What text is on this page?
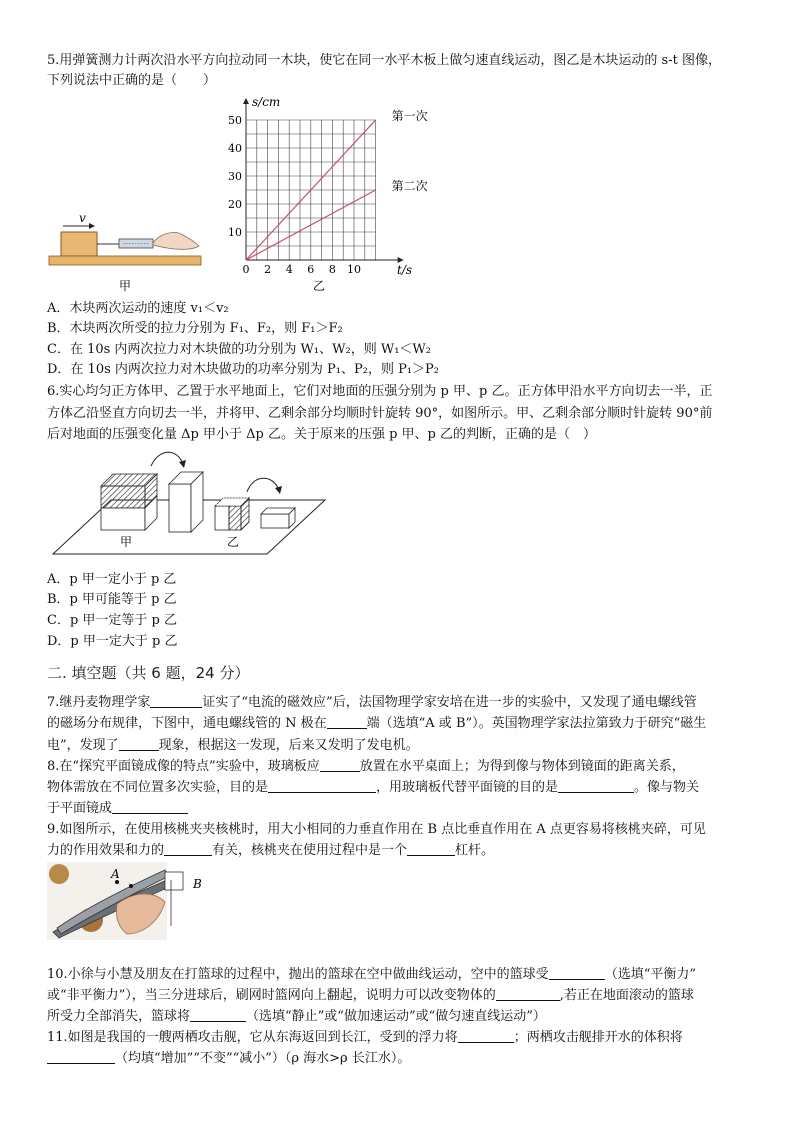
5.用弹簧测力计两次沿水平方向拉动同一木块，使它在同一水平木板上做匀速直线运动，图乙是木块运动的 s-t 图像，
下列说法中正确的是（　　）
v
甲
0 2 4 6 8 10
10
20
30
40
50	第一次
第二次
s/cm
t/s
乙
A．木块两次运动的速度 v₁＜v₂
B．木块两次所受的拉力分别为 F₁、F₂，则 F₁＞F₂
C．在 10s 内两次拉力对木块做的功分别为 W₁、W₂，则 W₁＜W₂
D．在 10s 内两次拉力对木块做功的功率分别为 P₁、P₂，则 P₁＞P₂
6.实心均匀正方体甲、乙置于水平地面上，它们对地面的压强分别为 p 甲、p 乙。正方体甲沿水平方向切去一半，正
方体乙沿竖直方向切去一半，并将甲、乙剩余部分均顺时针旋转 90°，如图所示。甲、乙剩余部分顺时针旋转 90°前
后对地面的压强变化量 Δp 甲小于 Δp 乙。关于原来的压强 p 甲、p 乙的判断，正确的是（　）
甲	乙
A．p 甲一定小于 p 乙
B．p 甲可能等于 p 乙
C．p 甲一定等于 p 乙
D．p 甲一定大于 p 乙
二. 填空题（共 6 题，24 分）
7.继丹麦物理学家	证实了“电流的磁效应”后，法国物理学家安培在进一步的实验中，又发现了通电螺线管
的磁场分布规律，下图中，通电螺线管的 N 极在	端（选填“A 或 B”）。英国物理学家法拉第致力于研究“磁生
电”，发现了	现象，根据这一发现，后来又发明了发电机。
8.在“探究平面镜成像的特点”实验中，玻璃板应	放置在水平桌面上；为得到像与物体到镜面的距离关系，
物体需放在不同位置多次实验，目的是	，用玻璃板代替平面镜的目的是	。像与物关
于平面镜成
9.如图所示，在使用核桃夹夹核桃时，用大小相同的力垂直作用在 B 点比垂直作用在 A 点更容易将核桃夹碎，可见
力的作用效果和力的	有关，核桃夹在使用过程中是一个	杠杆。
A
B
10.小徐与小慧及朋友在打篮球的过程中，抛出的篮球在空中做曲线运动，空中的篮球受	（选填“平衡力”
或“非平衡力”），当三分进球后，刷网时篮网向上翻起，说明力可以改变物体的	,若正在地面滚动的篮球
所受力全部消失，篮球将	（选填“静止”或“做加速运动”或“做匀速直线运动”）
11.如图是我国的一艘两栖攻击舰，它从东海返回到长江，受到的浮力将	；两栖攻击舰排开水的体积将
（均填“增加”“不变”“减小”）（ρ 海水>ρ 长江水）。
